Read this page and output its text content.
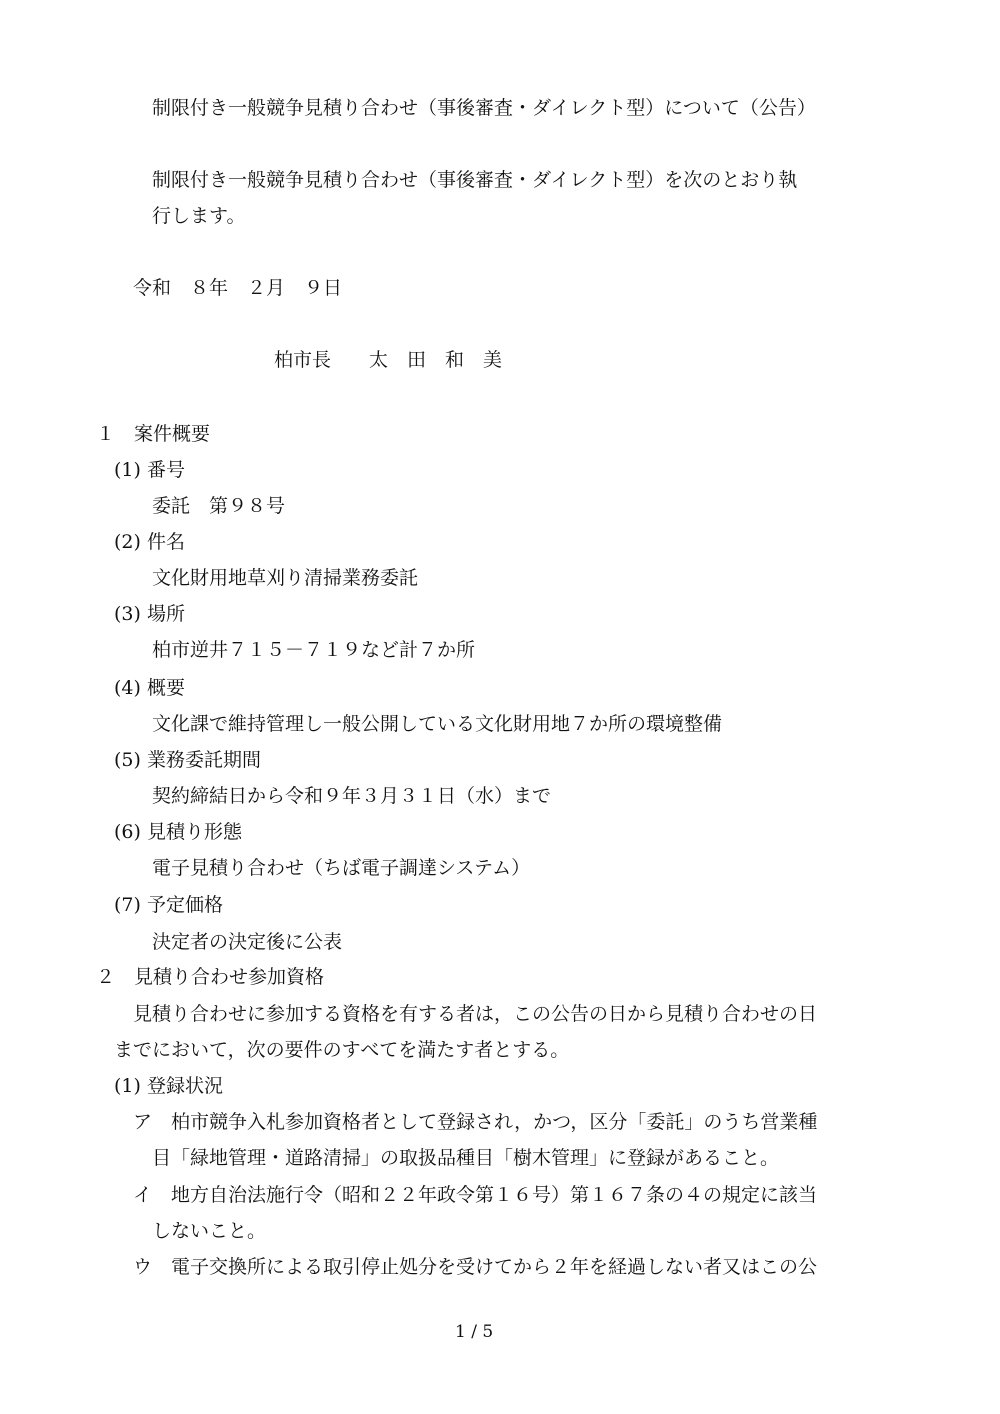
制限付き一般競争見積り合わせ（事後審査・ダイレクト型）について（公告）
制限付き一般競争見積り合わせ（事後審査・ダイレクト型）を次のとおり執
行します。
令和　８年　２月　９日
柏市長　　太　田　和　美
１　案件概要
(1) 番号
委託　第９８号
(2) 件名
文化財用地草刈り清掃業務委託
(3) 場所
柏市逆井７１５－７１９など計７か所
(4) 概要
文化課で維持管理し一般公開している文化財用地７か所の環境整備
(5) 業務委託期間
契約締結日から令和９年３月３１日（水）まで
(6) 見積り形態
電子見積り合わせ（ちば電子調達システム）
(7) 予定価格
決定者の決定後に公表
２　見積り合わせ参加資格
見積り合わせに参加する資格を有する者は，この公告の日から見積り合わせの日
までにおいて，次の要件のすべてを満たす者とする。
(1) 登録状況
ア　柏市競争入札参加資格者として登録され，かつ，区分「委託」のうち営業種
目「緑地管理・道路清掃」の取扱品種目「樹木管理」に登録があること。
イ　地方自治法施行令（昭和２２年政令第１６号）第１６７条の４の規定に該当
しないこと。
ウ　電子交換所による取引停止処分を受けてから２年を経過しない者又はこの公
1 / 5
